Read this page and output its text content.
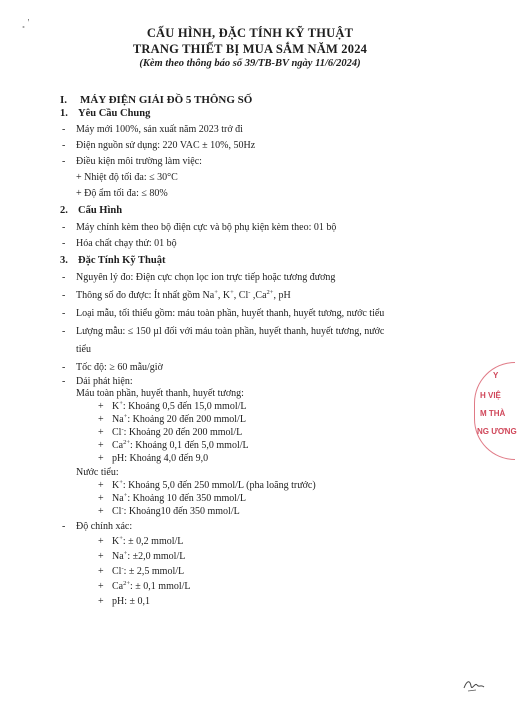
˳ ʼ
CẤU HÌNH, ĐẶC TÍNH KỸ THUẬT
TRANG THIẾT BỊ MUA SẮM NĂM 2024
(Kèm theo thông báo số 39/TB-BV ngày 11/6/2024)
I. MÁY ĐIỆN GIẢI ĐỒ 5 THÔNG SỐ
1. Yêu Cầu Chung
- Máy mới 100%, sản xuất năm 2023 trở đi
- Điện nguồn sử dụng: 220 VAC ± 10%, 50Hz
- Điều kiện môi trường làm việc:
+ Nhiệt độ tối đa: ≤ 30°C
+ Độ ẩm tối đa: ≤ 80%
2. Cấu Hình
- Máy chính kèm theo bộ điện cực và bộ phụ kiện kèm theo: 01 bộ
- Hóa chất chạy thử: 01 bộ
3. Đặc Tính Kỹ Thuật
- Nguyên lý đo: Điện cực chọn lọc ion trực tiếp hoặc tương đương
- Thông số đo được: Ít nhất gồm Na+, K+, Cl- $,Ca^{2+}$, pH
- Loại mẫu, tối thiểu gồm: máu toàn phần, huyết thanh, huyết tương, nước tiểu
- Lượng mẫu: ≤ 150 µl đối với máu toàn phần, huyết thanh, huyết tương, nước
tiểu
- Tốc độ: ≥ 60 mẫu/giờ
- Dải phát hiện:
Máu toàn phần, huyết thanh, huyết tương:
+ K+: Khoảng 0,5 đến 15,0 mmol/L
+ Na+: Khoảng 20 đến 200 mmol/L
+ Cl-: Khoảng 20 đến 200 mmol/L
+ $Ca^{2+}$: Khoảng 0,1 đến 5,0 mmol/L
+ pH: Khoảng 4,0 đến 9,0
Nước tiểu:
+ K+: Khoảng 5,0 đến 250 mmol/L (pha loãng trước)
+ Na+: Khoảng 10 đến 350 mmol/L
+ Cl-: Khoảng10 đến 350 mmol/L
- Độ chính xác:
+ K+: ± 0,2 mmol/L
+ Na+: ±2,0 mmol/L
+ Cl-: ± 2,5 mmol/L
+ $Ca^{2+}$: ± 0,1 mmol/L
+ pH: ± 0,1
Y
H VIỆ
M THÀ
NG ƯƠNG
